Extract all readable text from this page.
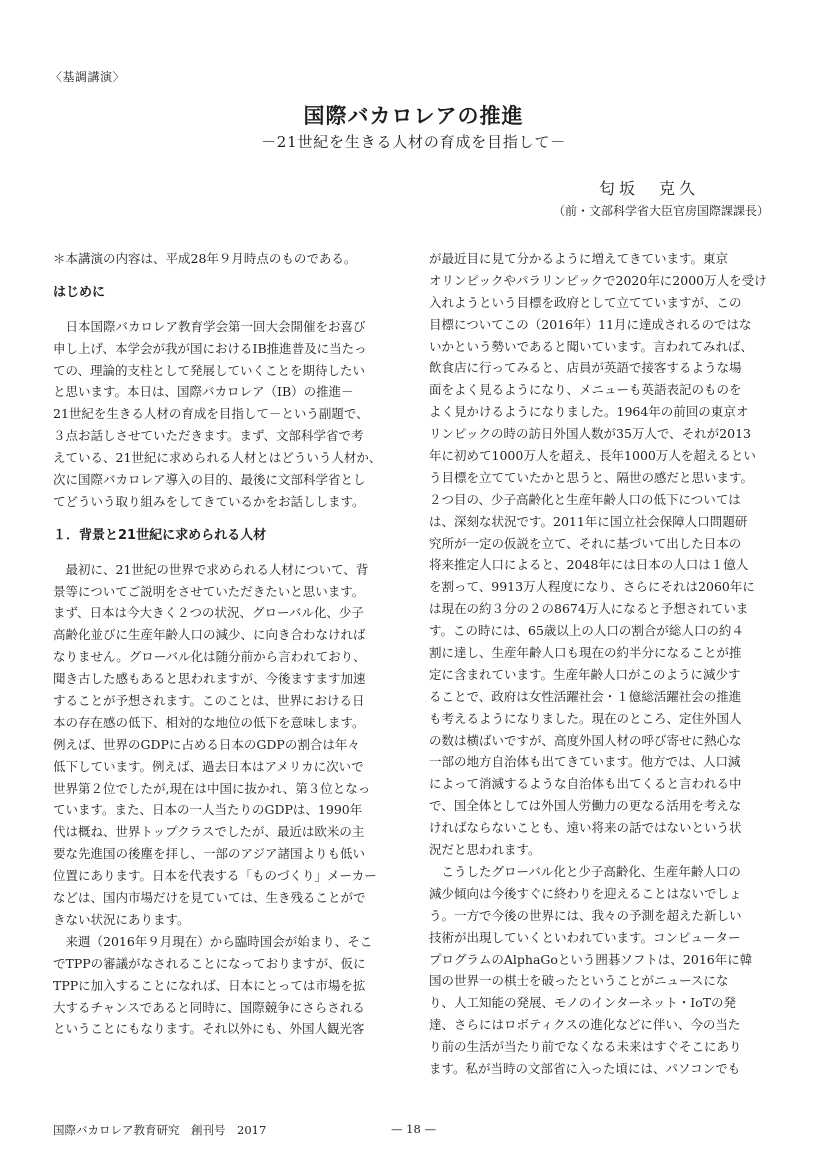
〈基調講演〉
国際バカロレアの推進
－21世紀を生きる人材の育成を目指して－
匂坂　克久
（前・文部科学省大臣官房国際課課長）
＊本講演の内容は、平成28年９月時点のものである。
はじめに
　日本国際バカロレア教育学会第一回大会開催をお喜び
申し上げ、本学会が我が国におけるIB推進普及に当たっ
ての、理論的支柱として発展していくことを期待したい
と思います。本日は、国際バカロレア（IB）の推進－
21世紀を生きる人材の育成を目指して－という副題で、
３点お話しさせていただきます。まず、文部科学省で考
えている、21世紀に求められる人材とはどういう人材か、
次に国際バカロレア導入の目的、最後に文部科学省とし
てどういう取り組みをしてきているかをお話しします。
１．背景と21世紀に求められる人材
　最初に、21世紀の世界で求められる人材について、背
景等についてご説明をさせていただきたいと思います。
まず、日本は今大きく２つの状況、グローバル化、少子
高齢化並びに生産年齢人口の減少、に向き合わなければ
なりません。グローバル化は随分前から言われており、
聞き古した感もあると思われますが、今後ますます加速
することが予想されます。このことは、世界における日
本の存在感の低下、相対的な地位の低下を意味します。
例えば、世界のGDPに占める日本のGDPの割合は年々
低下しています。例えば、過去日本はアメリカに次いで
世界第２位でしたが,現在は中国に抜かれ、第３位となっ
ています。また、日本の一人当たりのGDPは、1990年
代は概ね、世界トップクラスでしたが、最近は欧米の主
要な先進国の後塵を拝し、一部のアジア諸国よりも低い
位置にあります。日本を代表する「ものづくり」メーカー
などは、国内市場だけを見ていては、生き残ることがで
きない状況にあります。
　来週（2016年９月現在）から臨時国会が始まり、そこ
でTPPの審議がなされることになっておりますが、仮に
TPPに加入することになれば、日本にとっては市場を拡
大するチャンスであると同時に、国際競争にさらされる
ということにもなります。それ以外にも、外国人観光客
が最近目に見て分かるように増えてきています。東京
オリンピックやパラリンピックで2020年に2000万人を受け
入れようという目標を政府として立てていますが、この
目標についてこの（2016年）11月に達成されるのではな
いかという勢いであると聞いています。言われてみれば、
飲食店に行ってみると、店員が英語で接客するような場
面をよく見るようになり、メニューも英語表記のものを
よく見かけるようになりました。1964年の前回の東京オ
リンピックの時の訪日外国人数が35万人で、それが2013
年に初めて1000万人を超え、長年1000万人を超えるとい
う目標を立てていたかと思うと、隔世の感だと思います。
２つ目の、少子高齢化と生産年齢人口の低下については
は、深刻な状況です。2011年に国立社会保障人口問題研
究所が一定の仮説を立て、それに基づいて出した日本の
将来推定人口によると、2048年には日本の人口は１億人
を割って、9913万人程度になり、さらにそれは2060年に
は現在の約３分の２の8674万人になると予想されていま
す。この時には、65歳以上の人口の割合が総人口の約４
割に達し、生産年齢人口も現在の約半分になることが推
定に含まれています。生産年齢人口がこのように減少す
ることで、政府は女性活躍社会・１億総活躍社会の推進
も考えるようになりました。現在のところ、定住外国人
の数は横ばいですが、高度外国人材の呼び寄せに熱心な
一部の地方自治体も出てきています。他方では、人口減
によって消滅するような自治体も出てくると言われる中
で、国全体としては外国人労働力の更なる活用を考えな
ければならないことも、遠い将来の話ではないという状
況だと思われます。
　こうしたグローバル化と少子高齢化、生産年齢人口の
減少傾向は今後すぐに終わりを迎えることはないでしょ
う。一方で今後の世界には、我々の予測を超えた新しい
技術が出現していくといわれています。コンピューター
プログラムのAlphaGoという囲碁ソフトは、2016年に韓
国の世界一の棋士を破ったということがニュースにな
り、人工知能の発展、モノのインターネット・IoTの発
達、さらにはロボティクスの進化などに伴い、今の当た
り前の生活が当たり前でなくなる未来はすぐそこにあり
ます。私が当時の文部省に入った頃には、パソコンでも
国際バカロレア教育研究　創刊号　2017	— 18 —
